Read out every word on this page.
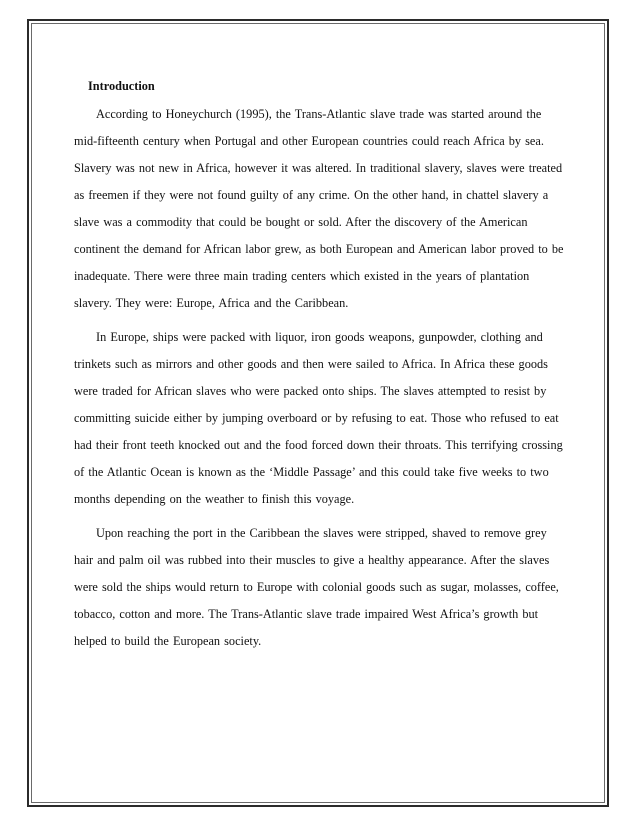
Introduction
According to Honeychurch (1995), the Trans-Atlantic slave trade was started around the
mid-fifteenth century when Portugal and other European countries could reach Africa by sea.
Slavery was not new in Africa, however it was altered. In traditional slavery, slaves were treated
as freemen if they were not found guilty of any crime. On the other hand, in chattel slavery a
slave was a commodity that could be bought or sold. After the discovery of the American
continent the demand for African labor grew, as both European and American labor proved to be
inadequate. There were three main trading centers which existed in the years of plantation
slavery. They were: Europe, Africa and the Caribbean.
In Europe, ships were packed with liquor, iron goods weapons, gunpowder, clothing and
trinkets such as mirrors and other goods and then were sailed to Africa. In Africa these goods
were traded for African slaves who were packed onto ships. The slaves attempted to resist by
committing suicide either by jumping overboard or by refusing to eat. Those who refused to eat
had their front teeth knocked out and the food forced down their throats. This terrifying crossing
of the Atlantic Ocean is known as the ‘Middle Passage’ and this could take five weeks to two
months depending on the weather to finish this voyage.
Upon reaching the port in the Caribbean the slaves were stripped, shaved to remove grey
hair and palm oil was rubbed into their muscles to give a healthy appearance. After the slaves
were sold the ships would return to Europe with colonial goods such as sugar, molasses, coffee,
tobacco, cotton and more. The Trans-Atlantic slave trade impaired West Africa’s growth but
helped to build the European society.
